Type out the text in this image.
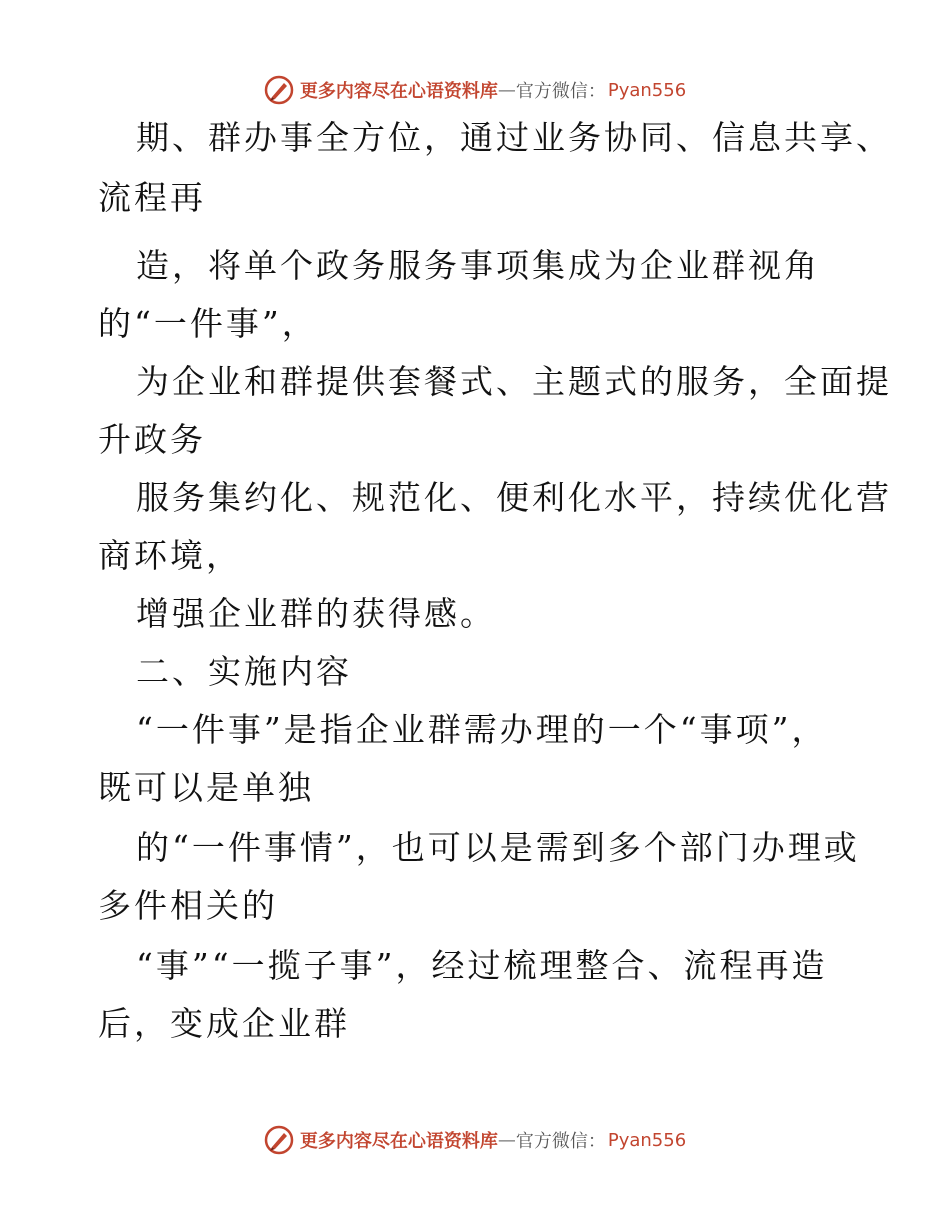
更多内容尽在心语资料库 — 官方微信： Pyan556
期、群办事全方位，通过业务协同、信息共享、
流程再
造，将单个政务服务事项集成为企业群视角
的“一件事”，
为企业和群提供套餐式、主题式的服务，全面提
升政务
服务集约化、规范化、便利化水平，持续优化营
商环境，
增强企业群的获得感。
二、实施内容
“一件事”是指企业群需办理的一个“事项”，
既可以是单独
的“一件事情”，也可以是需到多个部门办理或
多件相关的
“事”“一揽子事”，经过梳理整合、流程再造
后，变成企业群
更多内容尽在心语资料库 — 官方微信： Pyan556
